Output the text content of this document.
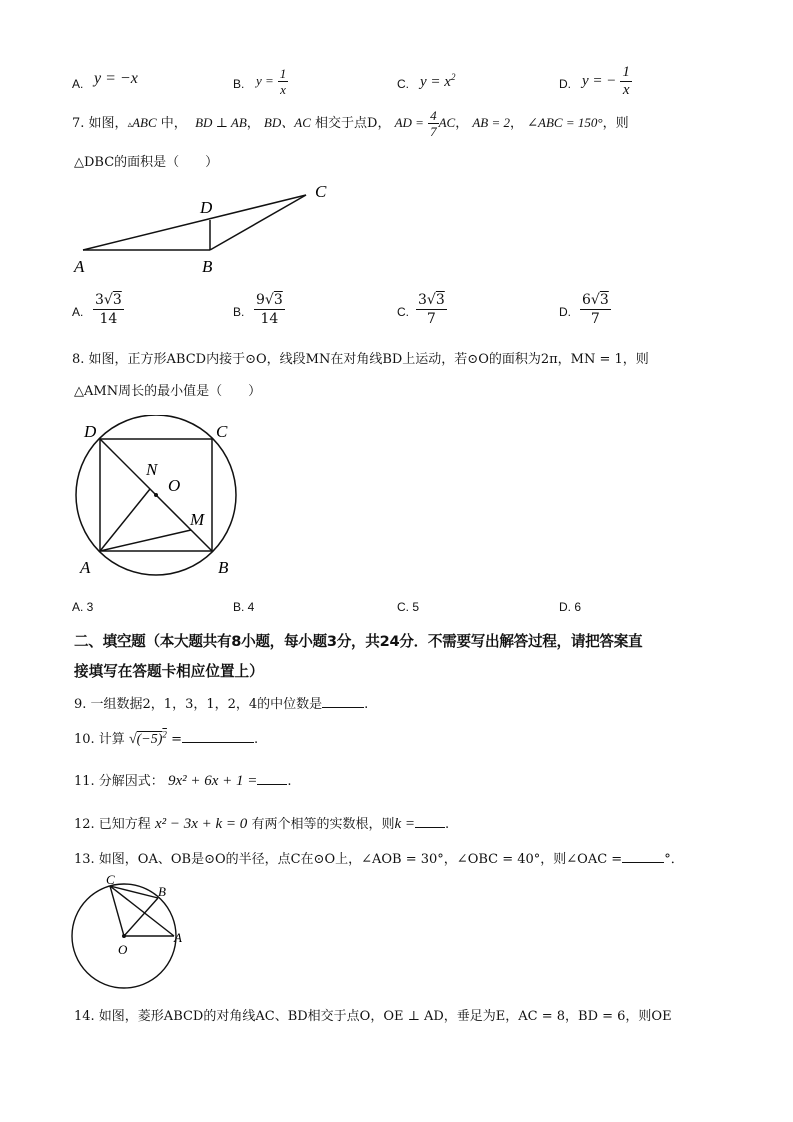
A. y = −x	B. $y = \frac{1}{x}$	C. $y = x^2$	D. y = − $\frac{1}{x}$
7. 如图，▵ABC 中， BD ⊥ AB， BD、AC 相交于点D， AD = $\frac{4}{7}$ AC， AB = 2， ∠ABC = 150°，则
△DBC的面积是（　　）
A	B
C
D
A. $\frac{3√3}{14}$	B. $\frac{9√3}{14}$	C. $\frac{3√3}{7}$	D. $\frac{6√3}{7}$
8. 如图，正方形ABCD内接于⊙O，线段MN在对角线BD上运动，若⊙O的面积为2π，MN = 1，则
△AMN周长的最小值是（　　）
D	C
A	B
N
O
M
A. 3	B. 4	C. 5	D. 6
二、填空题（本大题共有8小题，每小题3分，共24分．不需要写出解答过程，请把答案直
接填写在答题卡相应位置上）
9. 一组数据2，1，3，1，2，4的中位数是	.
10. 计算 $√(-5)^2$ =	.
11. 分解因式： 9x² + 6x + 1 = .
12. 已知方程 x² − 3x + k = 0 有两个相等的实数根，则k = .
13. 如图，OA、OB是⊙O的半径，点C在⊙O上，∠AOB = 30°，∠OBC = 40°，则∠OAC =	°．
C
B
O
A
14. 如图，菱形ABCD的对角线AC、BD相交于点O，OE ⊥ AD，垂足为E，AC = 8，BD = 6，则OE
